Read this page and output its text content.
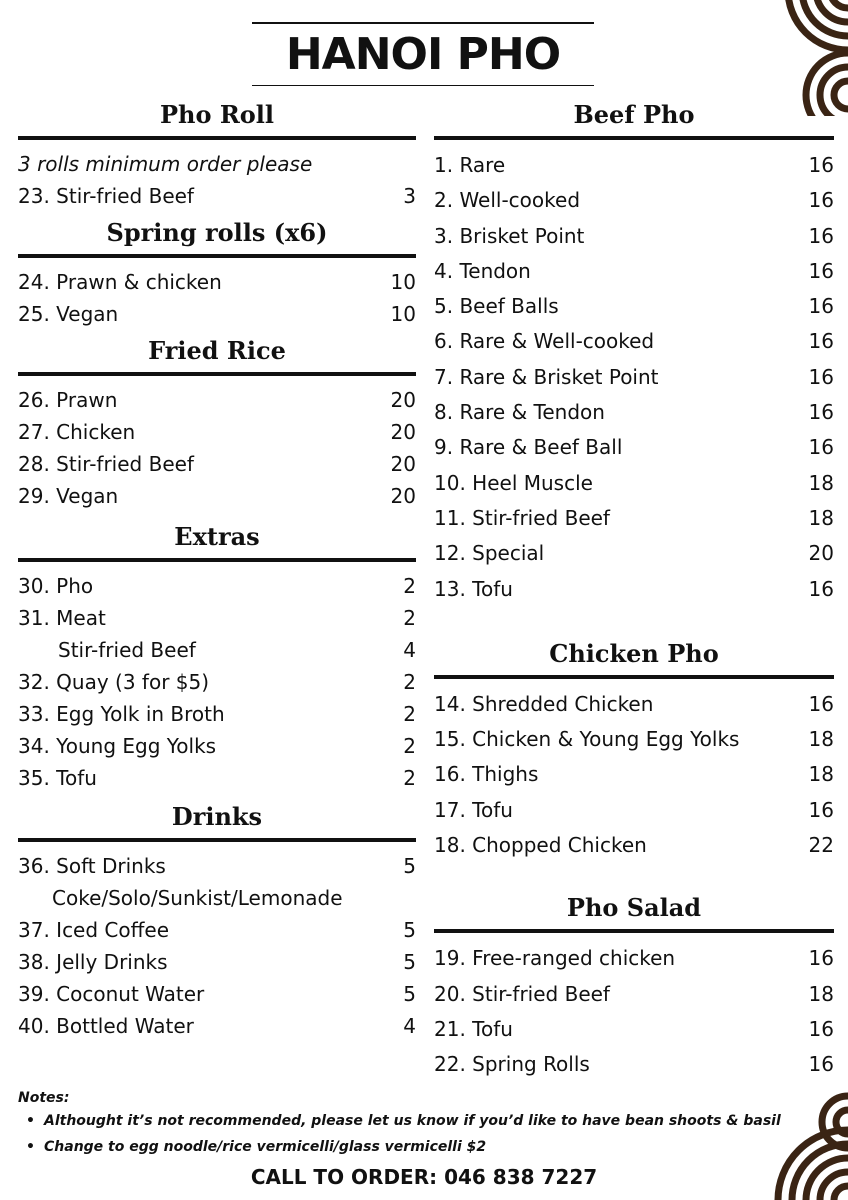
HANOI PHO
Pho Roll
3 rolls minimum order please
23. Stir-fried Beef	3
Spring rolls (x6)
24. Prawn & chicken	10
25. Vegan	10
Fried Rice
26. Prawn	20
27. Chicken	20
28. Stir-fried Beef	20
29. Vegan	20
Extras
30. Pho	2
31. Meat	2
Stir-fried Beef	4
32. Quay (3 for $5)	2
33. Egg Yolk in Broth	2
34. Young Egg Yolks	2
35. Tofu	2
Drinks
36. Soft Drinks	5
Coke/Solo/Sunkist/Lemonade
37. Iced Coffee	5
38. Jelly Drinks	5
39. Coconut Water	5
40. Bottled Water	4
Beef Pho
1. Rare	16
2. Well-cooked	16
3. Brisket Point	16
4. Tendon	16
5. Beef Balls	16
6. Rare & Well-cooked	16
7. Rare & Brisket Point	16
8. Rare & Tendon	16
9. Rare & Beef Ball	16
10. Heel Muscle	18
11. Stir-fried Beef	18
12. Special	20
13. Tofu	16
Chicken Pho
14. Shredded Chicken	16
15. Chicken & Young Egg Yolks	18
16. Thighs	18
17. Tofu	16
18. Chopped Chicken	22
Pho Salad
19. Free-ranged chicken	16
20. Stir-fried Beef	18
21. Tofu	16
22. Spring Rolls	16
Notes:
• Althought it’s not recommended, please let us know if you’d like to have bean shoots & basil
• Change to egg noodle/rice vermicelli/glass vermicelli $2
CALL TO ORDER: 046 838 7227
